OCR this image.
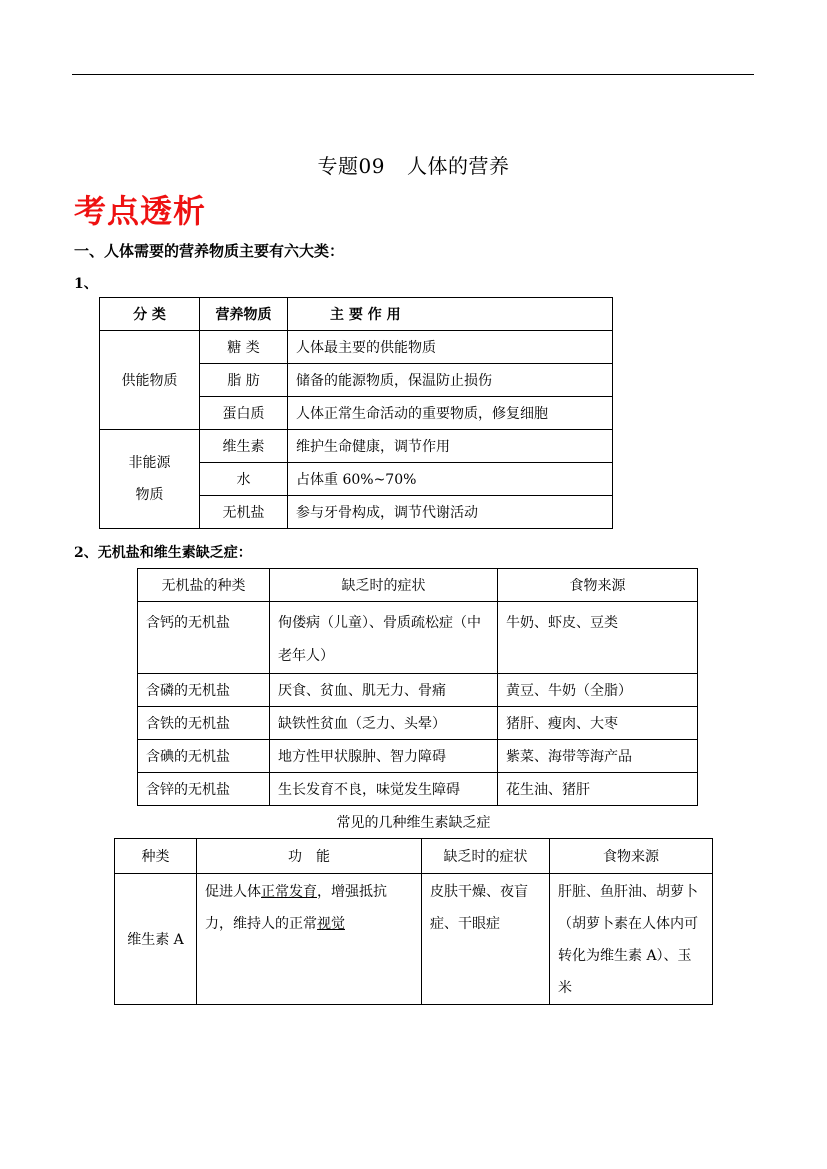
专题09 人体的营养
考点透析
一、人体需要的营养物质主要有六大类：
1、
分 类	营养物质	主 要 作 用
供能物质	糖 类	人体最主要的供能物质
	脂 肪	储备的能源物质，保温防止损伤
	蛋白质	人体正常生命活动的重要物质，修复细胞

非能源
物质	维生素	维护生命健康，调节作用
	水	占体重 60%~70%
	无机盐	参与牙骨构成，调节代谢活动
2、无机盐和维生素缺乏症：
无机盐的种类	缺乏时的症状	食物来源
含钙的无机盐	佝偻病（儿童）、骨质疏松症（中老年人）	牛奶、虾皮、豆类
含磷的无机盐	厌食、贫血、肌无力、骨痛	黄豆、牛奶（全脂）
含铁的无机盐	缺铁性贫血（乏力、头晕）	猪肝、瘦肉、大枣
含碘的无机盐	地方性甲状腺肿、智力障碍	紫菜、海带等海产品
含锌的无机盐	生长发育不良，味觉发生障碍	花生油、猪肝
常见的几种维生素缺乏症
种类	功　能	缺乏时的症状	食物来源
维生素 A	促进人体正常发育，增强抵抗力，维持人的正常视觉	皮肤干燥、夜盲症、干眼症	肝脏、鱼肝油、胡萝卜（胡萝卜素在人体内可转化为维生素 A）、玉米
